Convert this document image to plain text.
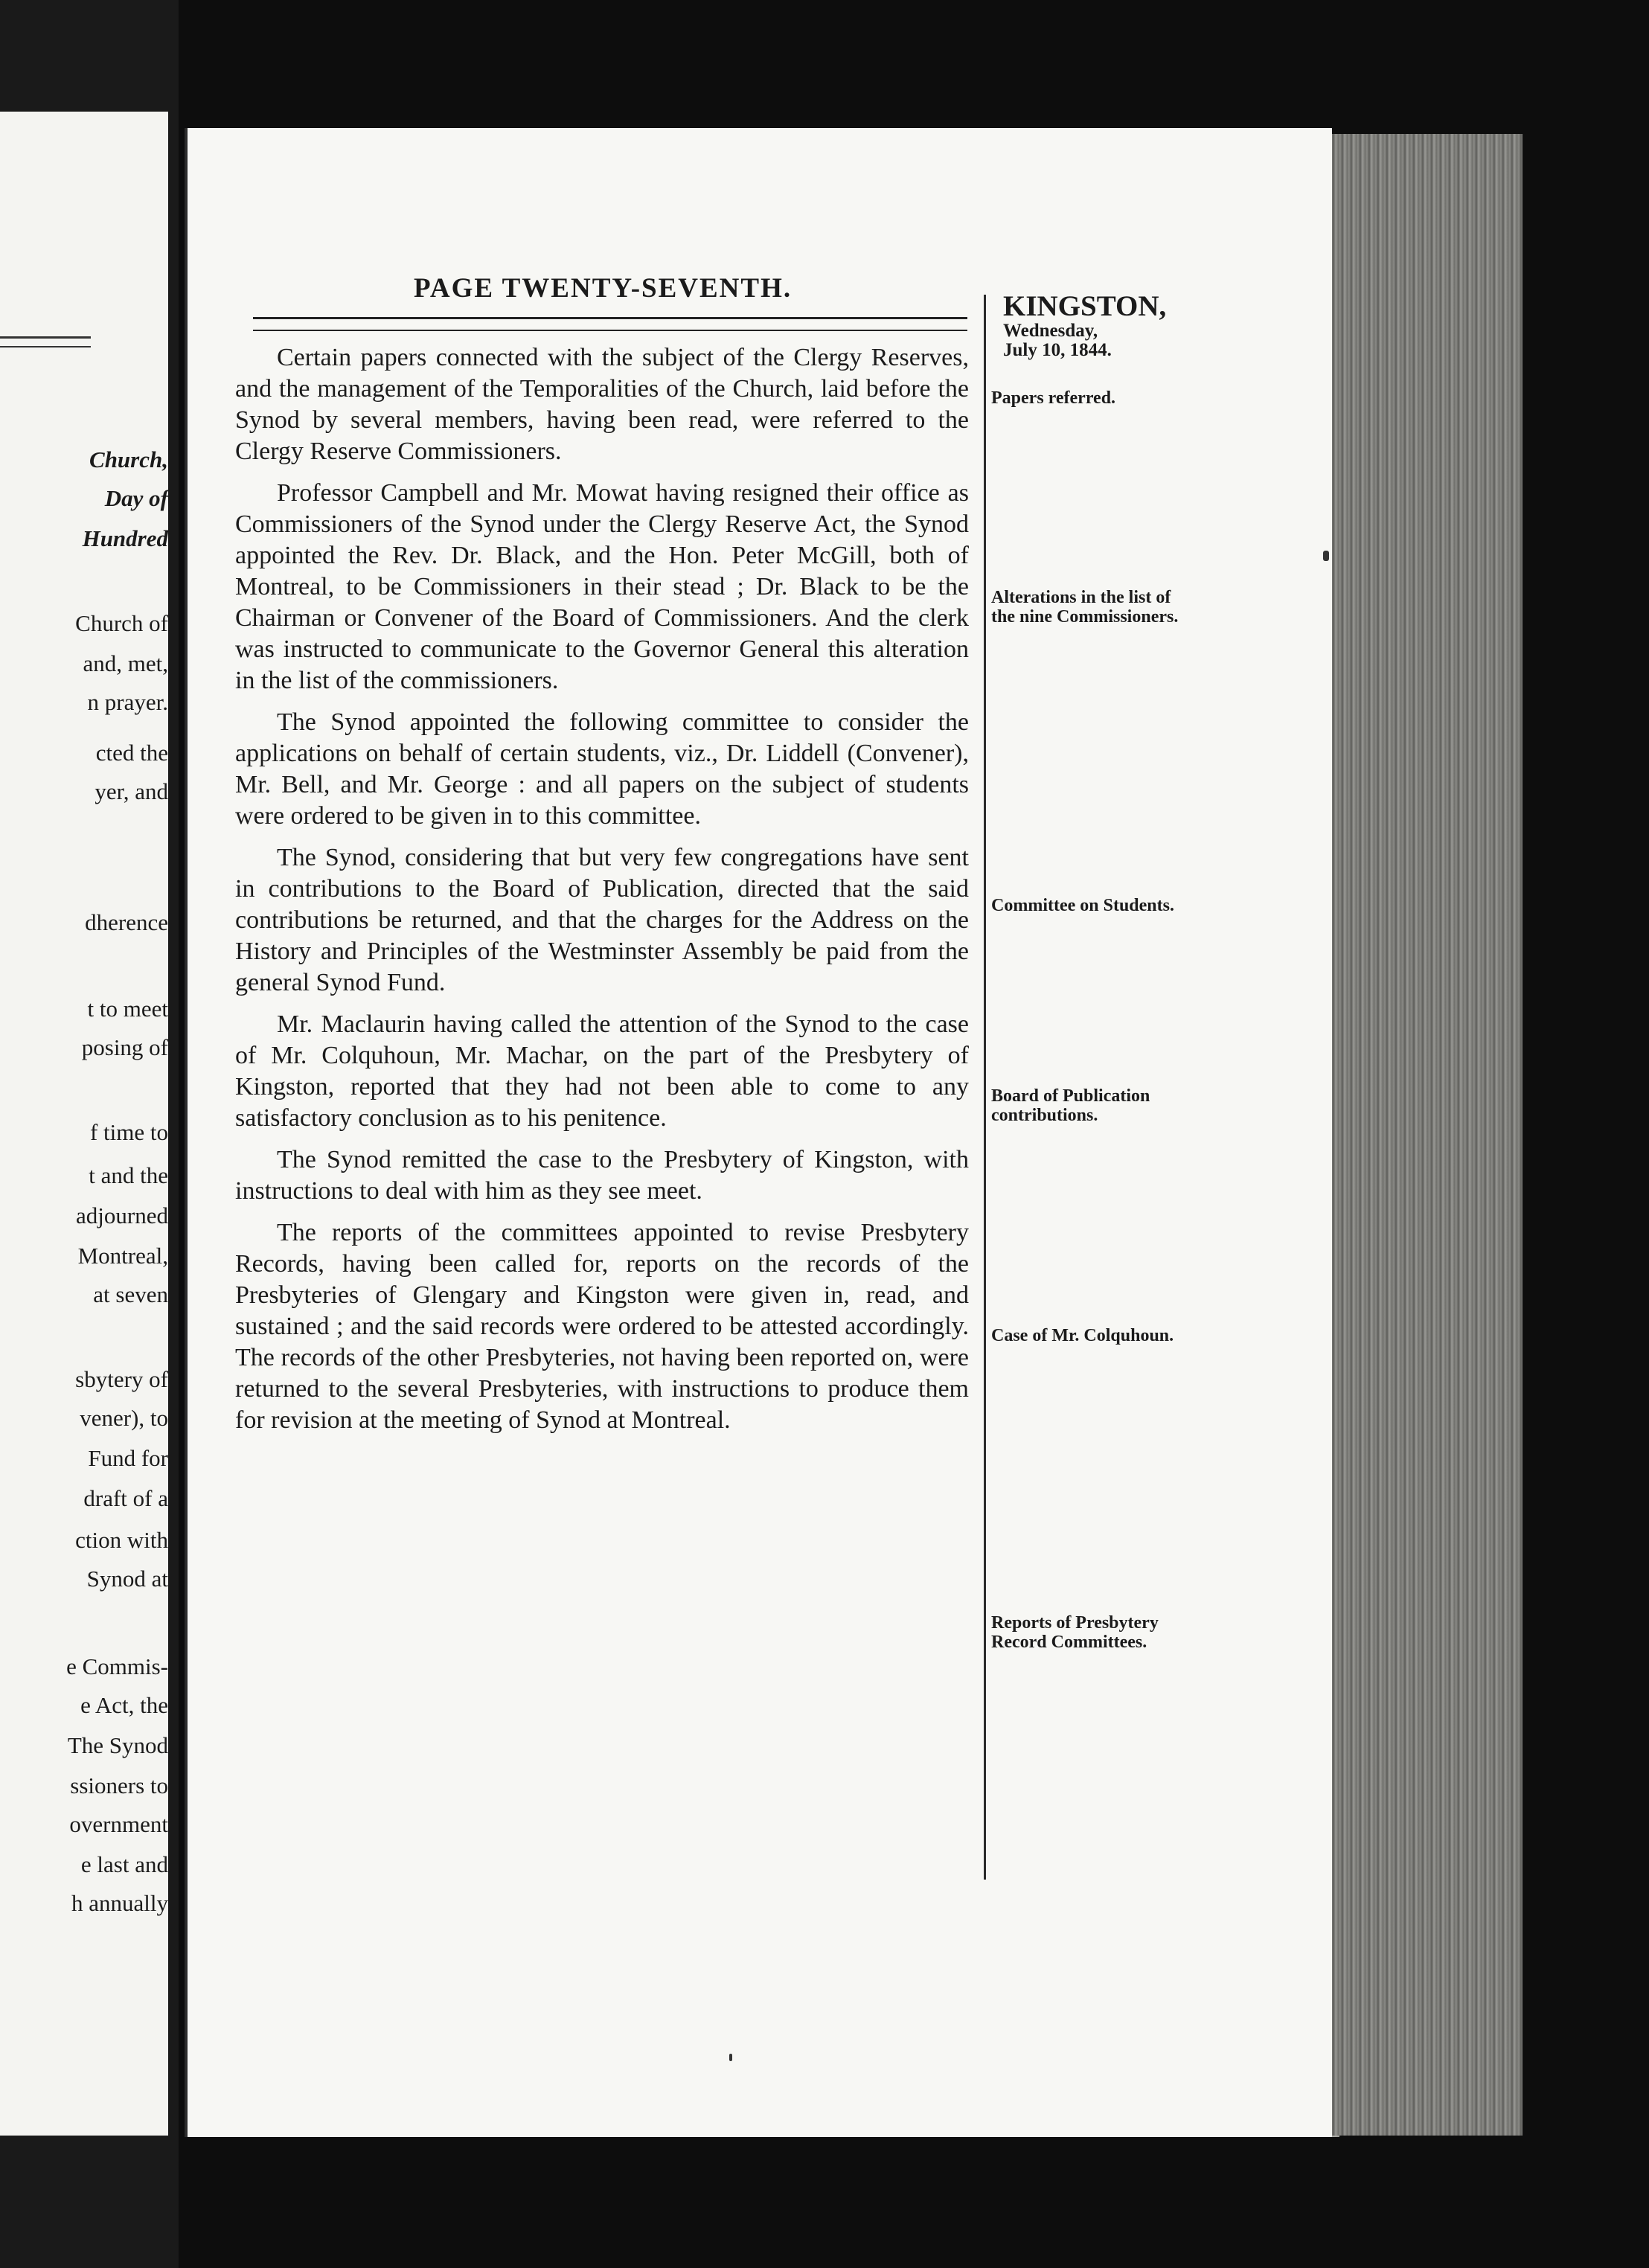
Church,
Day of
Hundred
Church of
and, met,
n prayer.
cted the
yer, and
dherence
t to meet
posing of
f time to
t and the
adjourned
Montreal,
at seven
sbytery of
vener), to
Fund for
draft of a
ction with
Synod at
e Commis-
e Act, the
The Synod
ssioners to
overnment
e last and
h annually
PAGE TWENTY-SEVENTH.
KINGSTON,
Wednesday,
July 10, 1844.

Certain papers connected with the subject of the Clergy Reserves, and the management of the Temporalities of the Church, laid before the Synod by several members, having been read, were referred to the Clergy Reserve Commissioners.

Professor Campbell and Mr. Mowat having resigned their office as Commissioners of the Synod under the Clergy Reserve Act, the Synod appointed the Rev. Dr. Black, and the Hon. Peter McGill, both of Montreal, to be Commissioners in their stead ; Dr. Black to be the Chairman or Convener of the Board of Commissioners. And the clerk was instructed to communicate to the Governor General this alteration in the list of the commissioners.

The Synod appointed the following committee to consider the applications on behalf of certain students, viz., Dr. Liddell (Convener), Mr. Bell, and Mr. George : and all papers on the subject of students were ordered to be given in to this committee.

The Synod, considering that but very few congregations have sent in contributions to the Board of Publication, directed that the said contributions be returned, and that the charges for the Address on the History and Principles of the Westminster Assembly be paid from the general Synod Fund.

Mr. Maclaurin having called the attention of the Synod to the case of Mr. Colquhoun, Mr. Machar, on the part of the Presbytery of Kingston, reported that they had not been able to come to any satisfactory conclusion as to his penitence.

The Synod remitted the case to the Presbytery of Kingston, with instructions to deal with him as they see meet.

The reports of the committees appointed to revise Presbytery Records, having been called for, reports on the records of the Presbyteries of Glengary and Kingston were given in, read, and sustained ; and the said records were ordered to be attested accordingly. The records of the other Presbyteries, not having been reported on, were returned to the several Presbyteries, with instructions to produce them for revision at the meeting of Synod at Montreal.

Papers referred.
Alterations in the list of the nine Commissioners.
Committee on Students.
Board of Publication contributions.
Case of Mr. Colquhoun.
Reports of Presbytery Record Committees.
